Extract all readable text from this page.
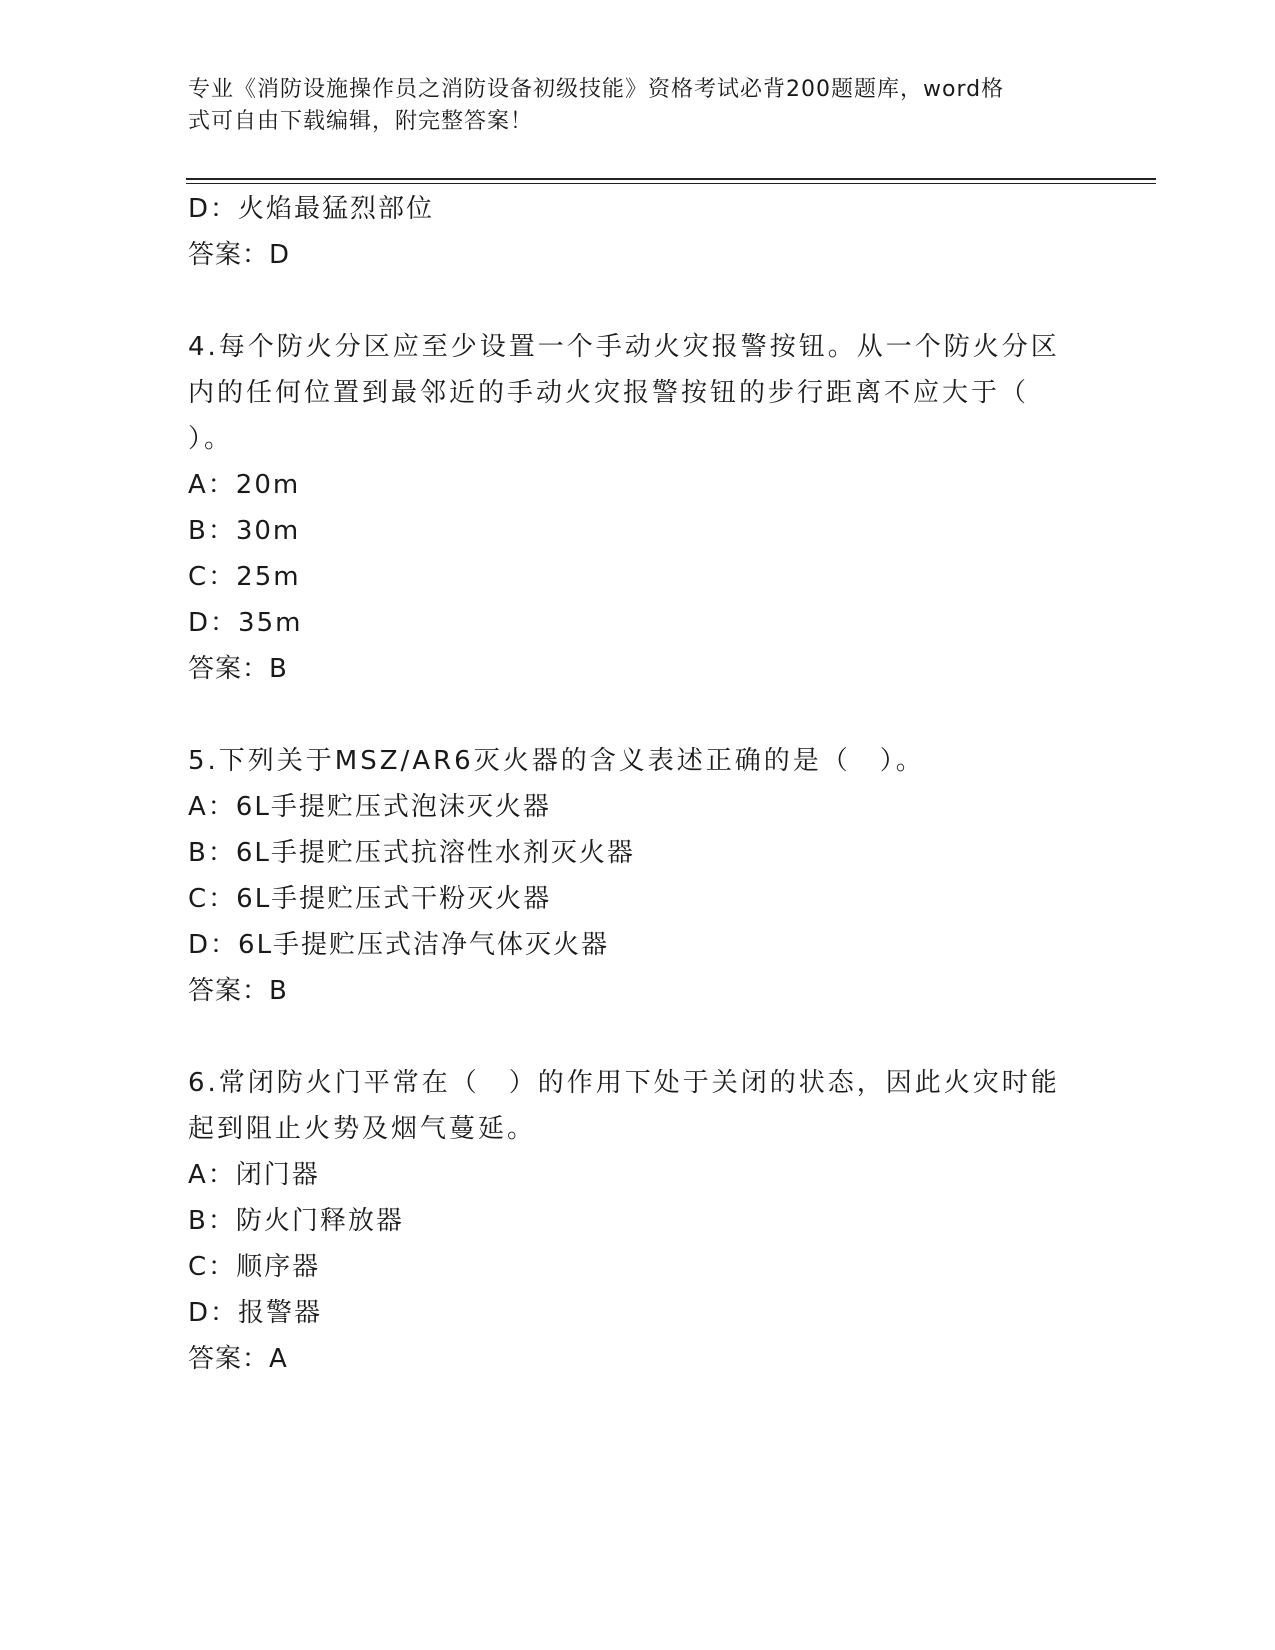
专业《消防设施操作员之消防设备初级技能》资格考试必背200题题库，word格
式可自由下载编辑，附完整答案！
D：火焰最猛烈部位
答案：D
4.每个防火分区应至少设置一个手动火灾报警按钮。从一个防火分区
内的任何位置到最邻近的手动火灾报警按钮的步行距离不应大于（
）。
A：20m
B：30m
C：25m
D：35m
答案：B
5.下列关于MSZ/AR6灭火器的含义表述正确的是（　）。
A：6L手提贮压式泡沫灭火器
B：6L手提贮压式抗溶性水剂灭火器
C：6L手提贮压式干粉灭火器
D：6L手提贮压式洁净气体灭火器
答案：B
6.常闭防火门平常在（　）的作用下处于关闭的状态，因此火灾时能
起到阻止火势及烟气蔓延。
A：闭门器
B：防火门释放器
C：顺序器
D：报警器
答案：A
